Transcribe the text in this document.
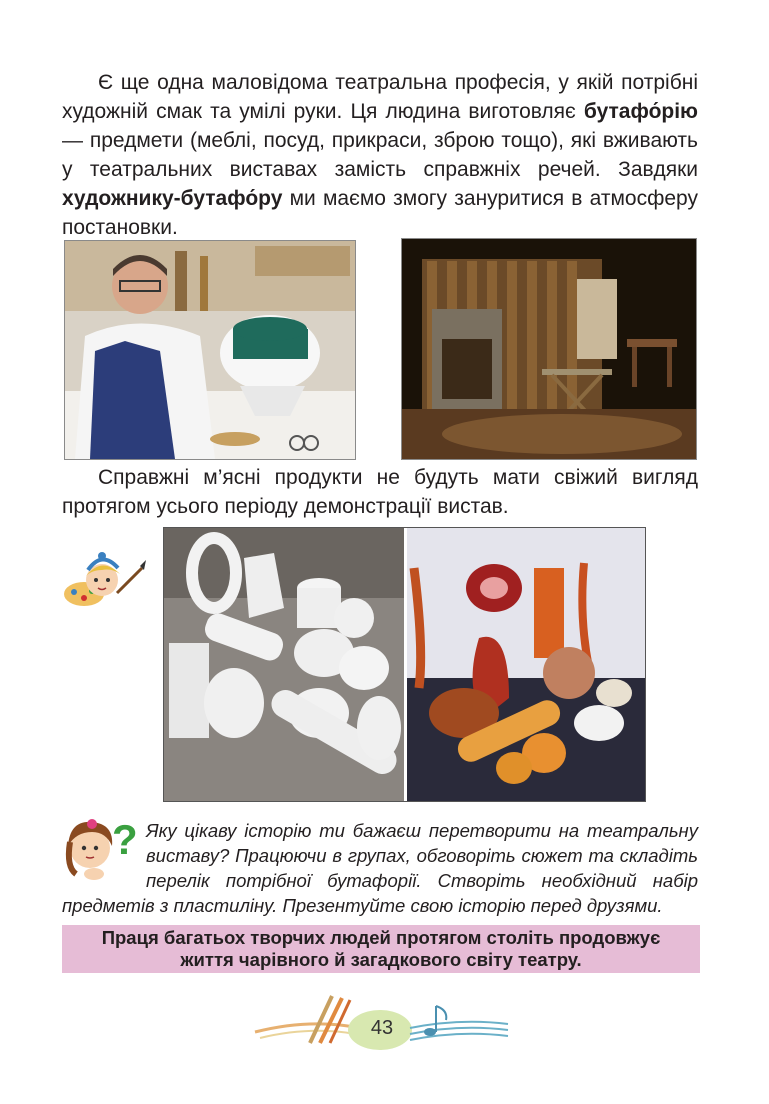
Є ще одна маловідома театральна професія, у якій потрібні художній смак та умілі руки. Ця людина виготовляє бутафо́рію — предмети (меблі, посуд, прикраси, зброю тощо), які вживають у театральних виставах замість справжніх речей. Завдяки художнику-бутафо́ру ми маємо змогу зануритися в атмосферу постановки.

Справжні м’ясні продукти не будуть мати свіжий вигляд протягом усього періоду демонстрації вистав.

? Яку цікаву історію ти бажаєш перетворити на театральну
виставу? Працюючи в групах, обговоріть сюжет та складіть
перелік потрібної бутафорії. Створіть необхідний набір
предметів з пластиліну. Презентуйте свою історію перед друзями.
Праця багатьох творчих людей протягом століть продовжує
життя чарівного й загадкового світу театру.
43
